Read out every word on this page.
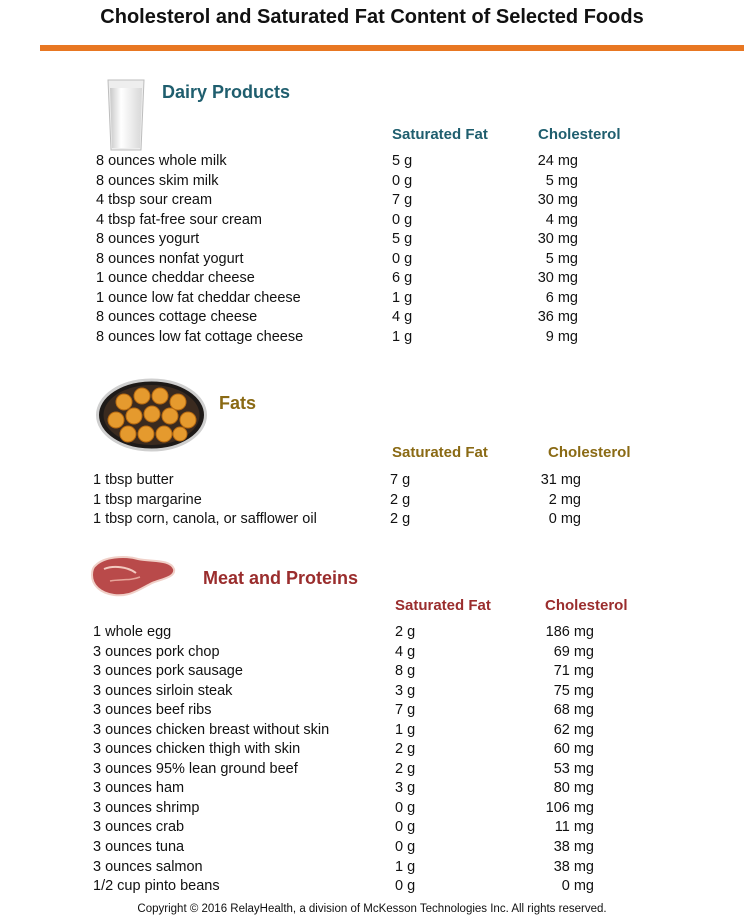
Cholesterol and Saturated Fat Content of Selected Foods
Dairy Products
Saturated Fat	Cholesterol
8 ounces whole milk	5 g	24 mg
8 ounces skim milk	0 g	5 mg
4 tbsp sour cream	7 g	30 mg
4 tbsp fat-free sour cream	0 g	4 mg
8 ounces yogurt	5 g	30 mg
8 ounces nonfat yogurt	0 g	5 mg
1 ounce cheddar cheese	6 g	30 mg
1 ounce low fat cheddar cheese	1 g	6 mg
8 ounces cottage cheese	4 g	36 mg
8 ounces low fat cottage cheese	1 g	9 mg
Fats
Saturated Fat	Cholesterol
1 tbsp butter	7 g	31 mg
1 tbsp margarine	2 g	2 mg
1 tbsp corn, canola, or safflower oil	2 g	0 mg
Meat and Proteins
Saturated Fat	Cholesterol
1 whole egg	2 g	186 mg
3 ounces pork chop	4 g	69 mg
3 ounces pork sausage	8 g	71 mg
3 ounces sirloin steak	3 g	75 mg
3 ounces beef ribs	7 g	68 mg
3 ounces chicken breast without skin	1 g	62 mg
3 ounces chicken thigh with skin	2 g	60 mg
3 ounces 95% lean ground beef	2 g	53 mg
3 ounces ham	3 g	80 mg
3 ounces shrimp	0 g	106 mg
3 ounces crab	0 g	11 mg
3 ounces tuna	0 g	38 mg
3 ounces salmon	1 g	38 mg
1/2 cup pinto beans	0 g	0 mg
Copyright © 2016 RelayHealth, a division of McKesson Technologies Inc. All rights reserved.
